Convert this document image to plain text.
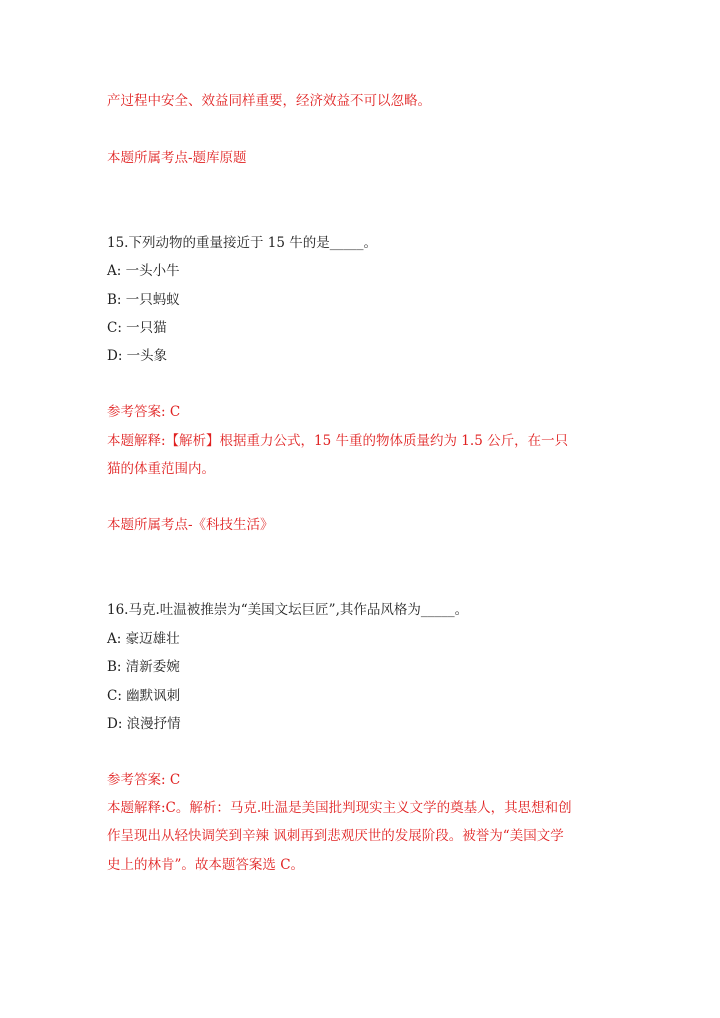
产过程中安全、效益同样重要，经济效益不可以忽略。
本题所属考点-题库原题
15.下列动物的重量接近于 15 牛的是_____。
A: 一头小牛
B: 一只蚂蚁
C: 一只猫
D: 一头象
参考答案: C
本题解释:【解析】根据重力公式，15 牛重的物体质量约为 1.5 公斤，在一只
猫的体重范围内。
本题所属考点-《科技生活》
16.马克.吐温被推崇为“美国文坛巨匠”,其作品风格为_____。
A: 豪迈雄壮
B: 清新委婉
C: 幽默讽刺
D: 浪漫抒情
参考答案: C
本题解释:C。解析：马克.吐温是美国批判现实主义文学的奠基人，其思想和创
作呈现出从轻快调笑到辛辣 讽刺再到悲观厌世的发展阶段。被誉为“美国文学
史上的林肯”。故本题答案选 C。
